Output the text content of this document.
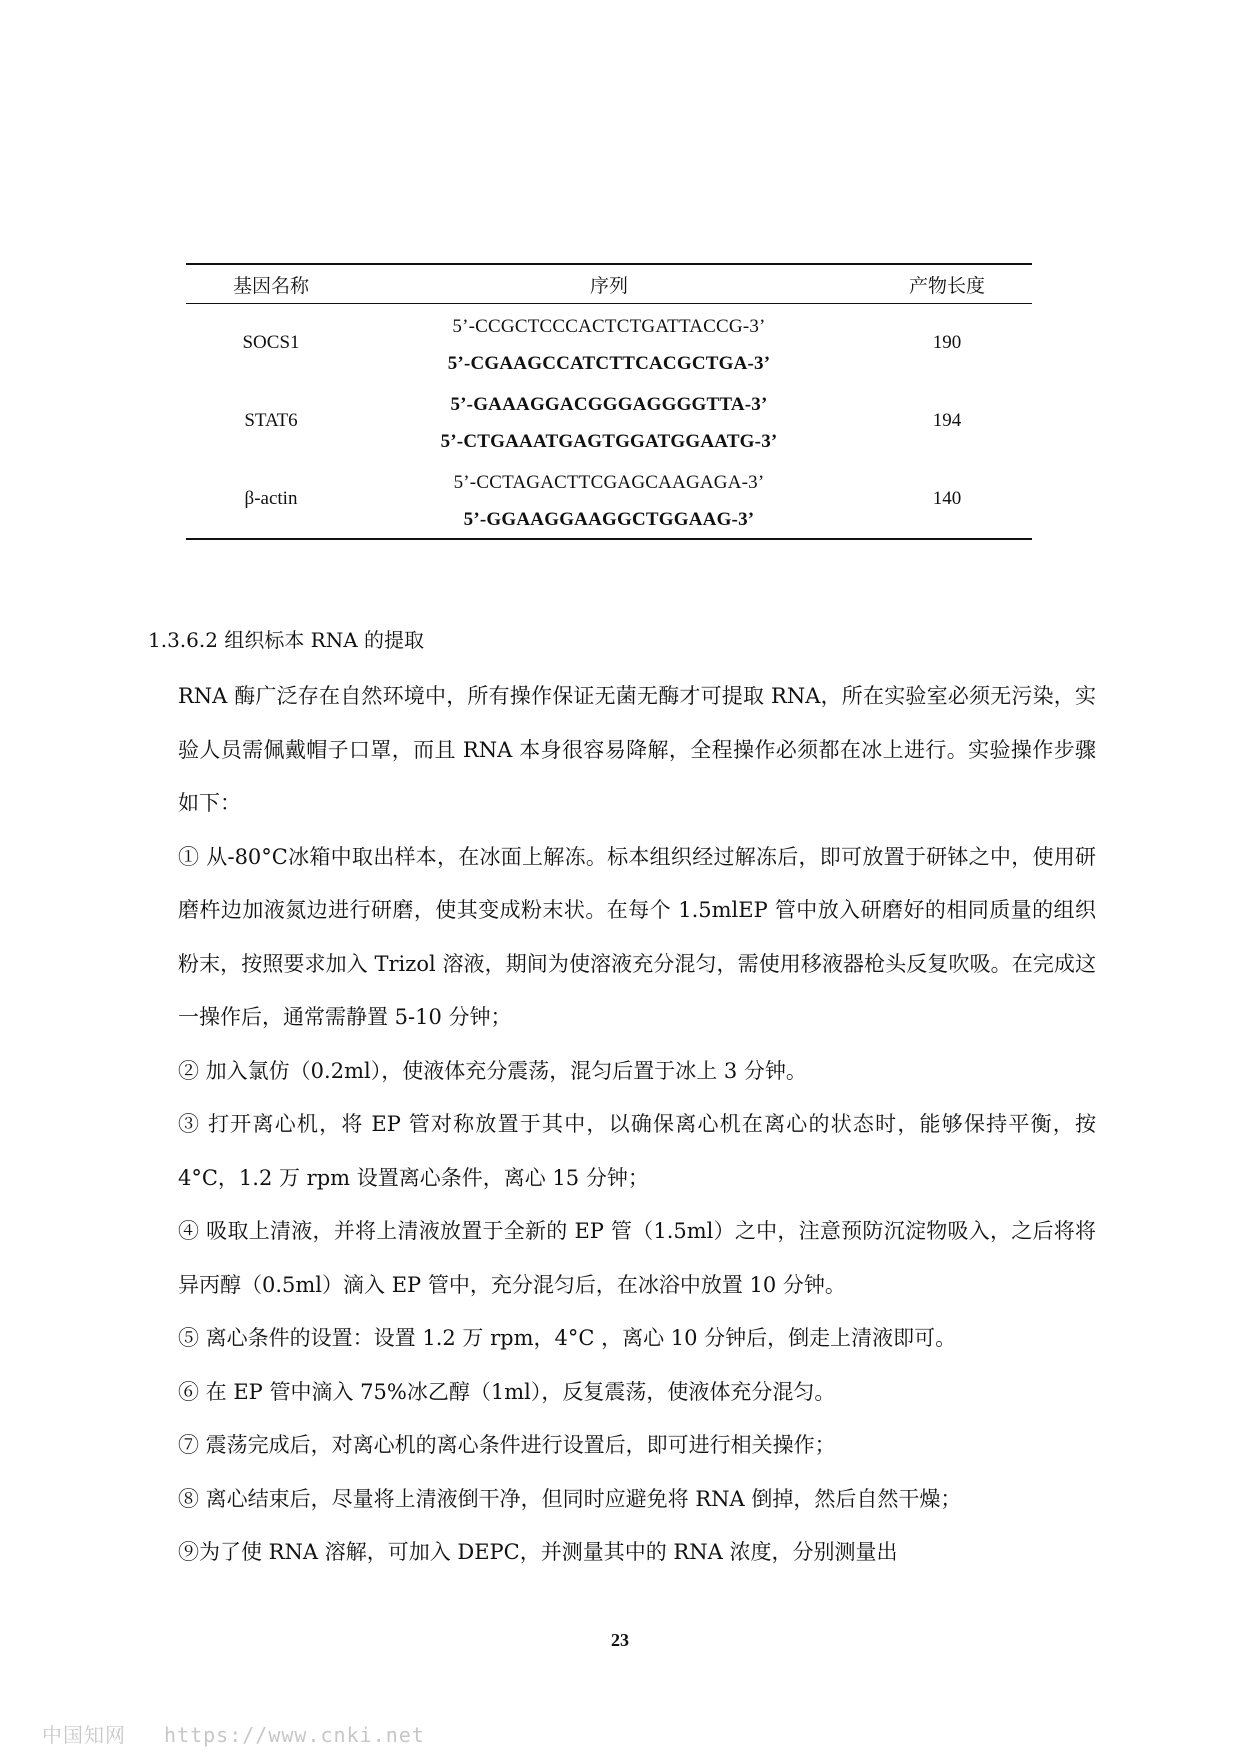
基因名称	序列	产物长度
SOCS1	5’-CCGCTCCCACTCTGATTACCG-3’	190
	5’-CGAAGCCATCTTCACGCTGA-3’	
STAT6	5’-GAAAGGACGGGAGGGGTTA-3’	194
	5’-CTGAAATGAGTGGATGGAATG-3’	
β-actin	5’-CCTAGACTTCGAGCAAGAGA-3’	140
	5’-GGAAGGAAGGCTGGAAG-3’	
1.3.6.2 组织标本 RNA 的提取

RNA 酶广泛存在自然环境中，所有操作保证无菌无酶才可提取 RNA，所在实验室必须无污染，实验人员需佩戴帽子口罩，而且 RNA 本身很容易降解，全程操作必须都在冰上进行。实验操作步骤如下：

① 从-80°C冰箱中取出样本，在冰面上解冻。标本组织经过解冻后，即可放置于研钵之中，使用研磨杵边加液氮边进行研磨，使其变成粉末状。在每个 1.5mlEP 管中放入研磨好的相同质量的组织粉末，按照要求加入 Trizol 溶液，期间为使溶液充分混匀，需使用移液器枪头反复吹吸。在完成这一操作后，通常需静置 5-10 分钟；

② 加入氯仿（0.2ml），使液体充分震荡，混匀后置于冰上 3 分钟。

③ 打开离心机，将 EP 管对称放置于其中，以确保离心机在离心的状态时，能够保持平衡，按 4°C，1.2 万 rpm 设置离心条件，离心 15 分钟；

④ 吸取上清液，并将上清液放置于全新的 EP 管（1.5ml）之中，注意预防沉淀物吸入，之后将将异丙醇（0.5ml）滴入 EP 管中，充分混匀后，在冰浴中放置 10 分钟。

⑤ 离心条件的设置：设置 1.2 万 rpm，4°C ，离心 10 分钟后，倒走上清液即可。

⑥ 在 EP 管中滴入 75%冰乙醇（1ml），反复震荡，使液体充分混匀。

⑦ 震荡完成后，对离心机的离心条件进行设置后，即可进行相关操作；

⑧ 离心结束后，尽量将上清液倒干净，但同时应避免将 RNA 倒掉，然后自然干燥；

⑨为了使 RNA 溶解，可加入 DEPC，并测量其中的 RNA 浓度，分别测量出

23
中国知网 https://www.cnki.net
